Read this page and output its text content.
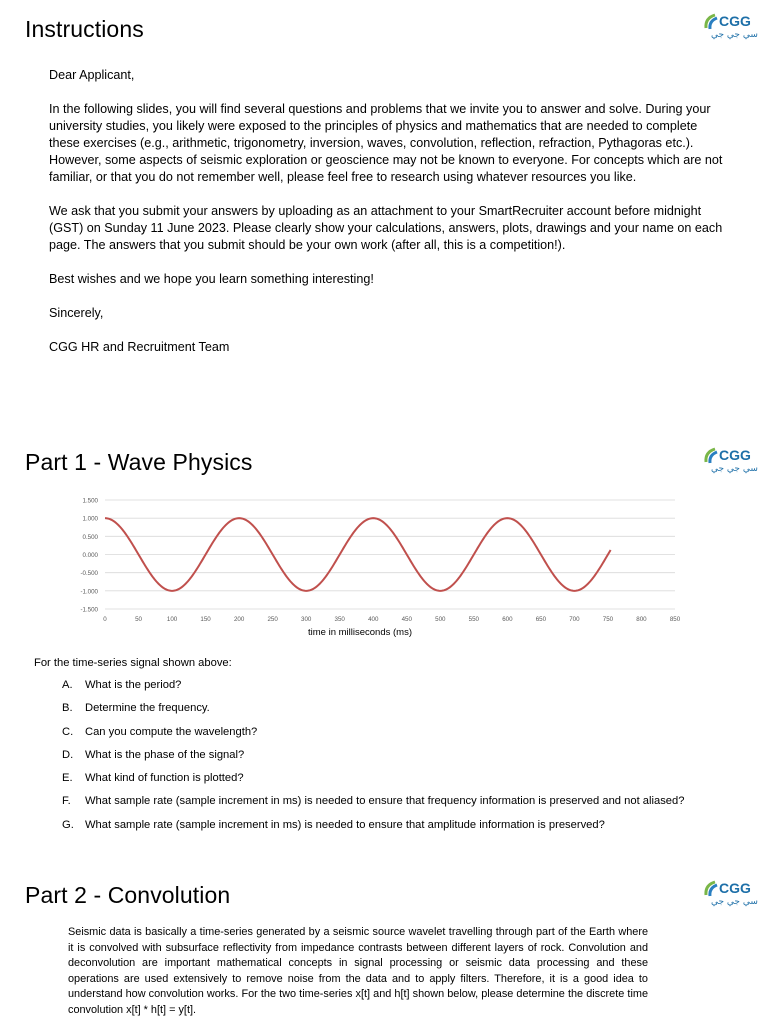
Instructions	CGG
سي جي جي

Dear Applicant,

In the following slides, you will find several questions and problems that we invite you to answer and solve. During your university studies, you likely were exposed to the principles of physics and mathematics that are needed to complete these exercises (e.g., arithmetic, trigonometry, inversion, waves, convolution, reflection, refraction, Pythagoras etc.). However, some aspects of seismic exploration or geoscience may not be known to everyone. For concepts which are not familiar, or that you do not remember well, please feel free to research using whatever resources you like.

We ask that you submit your answers by uploading as an attachment to your SmartRecruiter account before midnight (GST) on Sunday 11 June 2023. Please clearly show your calculations, answers, plots, drawings and your name on each page. The answers that you submit should be your own work (after all, this is a competition!).

Best wishes and we hope you learn something interesting!

Sincerely,

CGG HR and Recruitment Team

Part 1 - Wave Physics	CGG
سي جي جي
1.500
1.000
0.500
0.000
-0.500
-1.000
-1.500
0	50	100	150	200	250	300	350	400	450	500	550	600	650	700	750	800	850
time in milliseconds (ms)
For the time-series signal shown above:
A. What is the period?
B. Determine the frequency.
C. Can you compute the wavelength?
D. What is the phase of the signal?
E. What kind of function is plotted?
F. What sample rate (sample increment in ms) is needed to ensure that frequency information is preserved and not aliased?
G. What sample rate (sample increment in ms) is needed to ensure that amplitude information is preserved?
Part 2 - Convolution	CGG
سي جي جي

Seismic data is basically a time-series generated by a seismic source wavelet travelling through part of the Earth where it is convolved with subsurface reflectivity from impedance contrasts between different layers of rock. Convolution and deconvolution are important mathematical concepts in signal processing or seismic data processing and these operations are used extensively to remove noise from the data and to apply filters. Therefore, it is a good idea to understand how convolution works. For the two time-series x[t] and h[t] shown below, please determine the discrete time convolution x[t] * h[t] = y[t].
